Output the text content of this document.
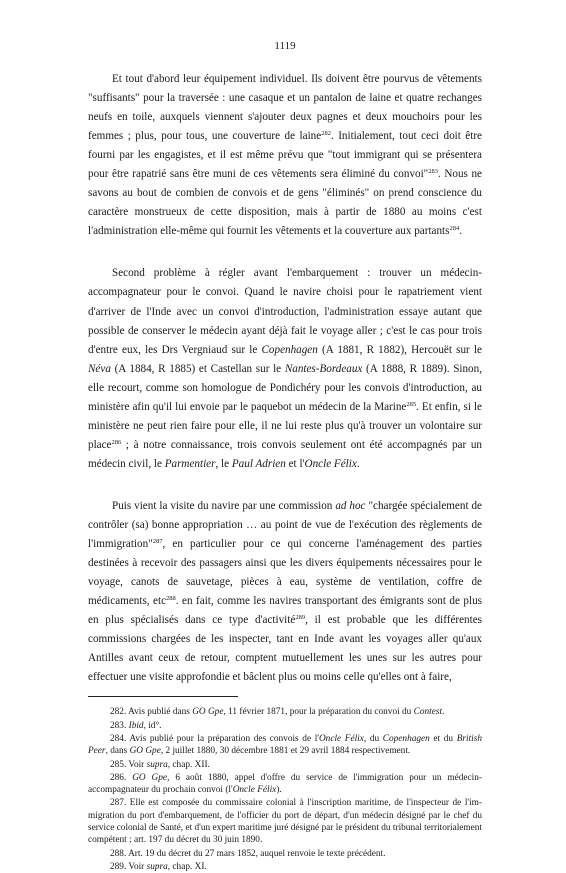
1119

Et tout d'abord leur équipement individuel. Ils doivent être pourvus de vêtements "suffisants" pour la traversée : une casaque et un pantalon de laine et quatre rechanges neufs en toile, auxquels viennent s'ajouter deux pagnes et deux mouchoirs pour les femmes ; plus, pour tous, une couverture de laine$^{282}$. Initialement, tout ceci doit être fourni par les engagistes, et il est même prévu que "tout immigrant qui se présentera pour être rapatrié sans être muni de ces vêtements sera éliminé du convoi"$^{283}$. Nous ne savons au bout de combien de convois et de gens "éliminés" on prend conscience du caractère monstrueux de cette disposition, mais à partir de 1880 au moins c'est l'administration elle-même qui fournit les vêtements et la couverture aux partants$^{284}$.

Second problème à régler avant l'embarquement : trouver un médecin-accompagnateur pour le convoi. Quand le navire choisi pour le rapatriement vient d'arriver de l'Inde avec un convoi d'introduction, l'administration essaye autant que possible de conserver le médecin ayant déjà fait le voyage aller ; c'est le cas pour trois d'entre eux, les Drs Vergniaud sur le Copenhagen (A 1881, R 1882), Hercouët sur le Néva (A 1884, R 1885) et Castellan sur le Nantes-Bordeaux (A 1888, R 1889). Sinon, elle recourt, comme son homologue de Pondichéry pour les convois d'introduction, au ministère afin qu'il lui envoie par le paquebot un médecin de la Marine$^{285}$. Et enfin, si le ministère ne peut rien faire pour elle, il ne lui reste plus qu'à trouver un volontaire sur place$^{286}$ ; à notre connaissance, trois convois seulement ont été accompagnés par un médecin civil, le Parmentier, le Paul Adrien et l'Oncle Félix.

Puis vient la visite du navire par une commission ad hoc "chargée spécialement de contrôler (sa) bonne appropriation … au point de vue de l'exécution des règlements de l'immigration"$^{287}$, en particulier pour ce qui concerne l'aménagement des parties destinées à recevoir des passagers ainsi que les divers équipements nécessaires pour le voyage, canots de sauvetage, pièces à eau, système de ventilation, coffre de médicaments, etc$^{288}$. en fait, comme les navires transportant des émigrants sont de plus en plus spécialisés dans ce type d'activité$^{289}$, il est probable que les différentes commissions chargées de les inspecter, tant en Inde avant les voyages aller qu'aux Antilles avant ceux de retour, comptent mutuellement les unes sur les autres pour effectuer une visite approfondie et bâclent plus ou moins celle qu'elles ont à faire,

282. Avis publié dans GO Gpe, 11 février 1871, pour la préparation du convoi du Contest.

283. Ibid, id°.

284. Avis publié pour la préparation des convois de l'Oncle Félix, du Copenhagen et du British Peer, dans GO Gpe, 2 juillet 1880, 30 décembre 1881 et 29 avril 1884 respectivement.

285. Voir supra, chap. XII.

286. GO Gpe, 6 août 1880, appel d'offre du service de l'immigration pour un médecin-accompagnateur du prochain convoi (l'Oncle Félix).

287. Elle est composée du commissaire colonial à l'inscription maritime, de l'inspecteur de l'immigration du port d'embarquement, de l'officier du port de départ, d'un médecin désigné par le chef du service colonial de Santé, et d'un expert maritime juré désigné par le président du tribunal territorialement compétent ; art. 197 du décret du 30 juin 1890.

288. Art. 19 du décret du 27 mars 1852, auquel renvoie le texte précédent.

289. Voir supra, chap. XI.
